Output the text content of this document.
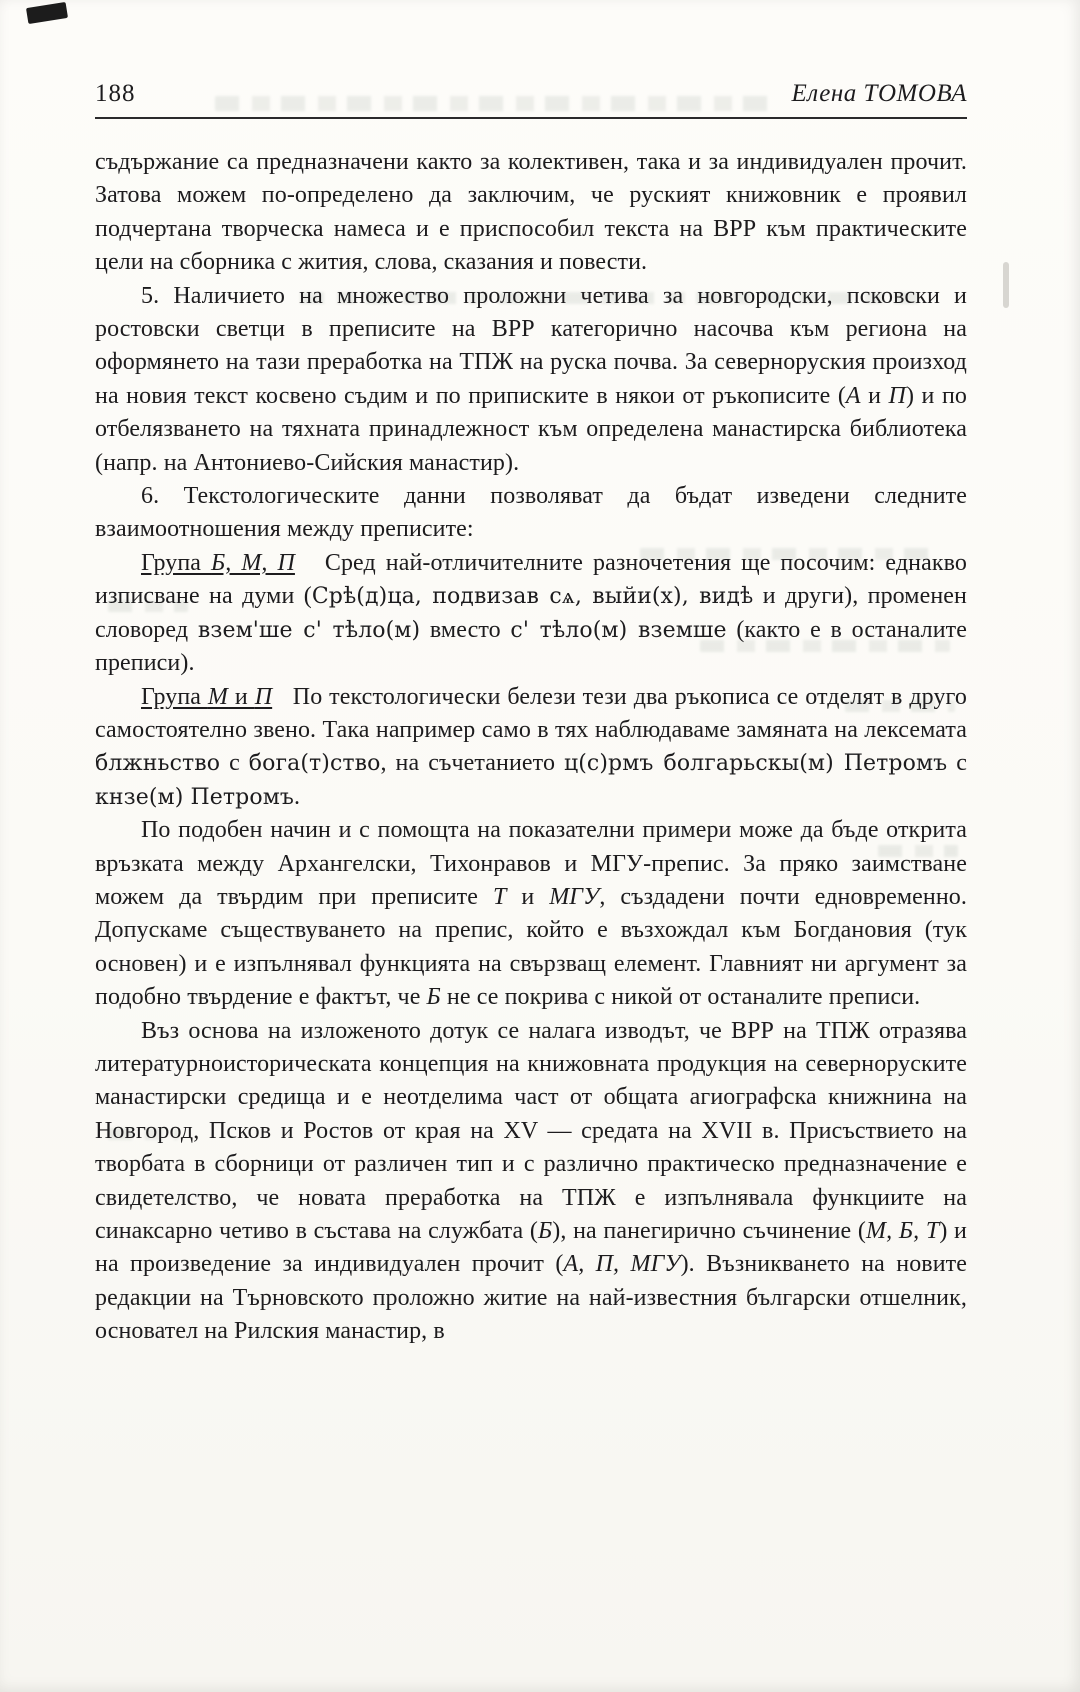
188	Елена ТОМОВА

съдържание са предназначени както за колективен, така и за индивидуален прочит. Затова можем по-определено да заключим, че руският книжовник е проявил подчертана творческа намеса и е приспособил текста на ВРР към практическите цели на сборника с жития, слова, сказания и повести.

5. Наличието на множество проложни четива за новгородски, псковски и ростовски светци в преписите на ВРР категорично насочва към региона на оформянето на тази преработка на ТПЖ на руска почва. За северноруския произход на новия текст косвено съдим и по приписките в някои от ръкописите (А и П) и по отбелязването на тяхната принадлежност към определена манастирска библиотека (напр. на Антониево-Сийския манастир).

6. Текстологическите данни позволяват да бъдат изведени следните взаимоотношения между преписите:

Група Б, М, П   Сред най-отличителните разночетения ще посочим: еднакво изписване на думи (Срѣ(д)ца, подвизав сѧ, выйи(х), видѣ и други), променен словоред взем'ше с' тѣло(м) вместо с' тѣло(м) вземше (както е в останалите преписи).

Група М и П   По текстологически белези тези два ръкописа се отделят в друго самостоятелно звено. Така например само в тях наблюдаваме замяната на лексемата блжньство с бога(т)ство, на съчетанието ц(с)рмъ болгарьскы(м) Петромъ с кнзе(м) Петромъ.

По подобен начин и с помощта на показателни примери може да бъде открита връзката между Архангелски, Тихонравов и МГУ-препис. За пряко заимстване можем да твърдим при преписите Т и МГУ, създадени почти едновременно. Допускаме съществуването на препис, който е възхождал към Богдановия (тук основен) и е изпълнявал функцията на свързващ елемент. Главният ни аргумент за подобно твърдение е фактът, че Б не се покрива с никой от останалите преписи.

Въз основа на изложеното дотук се налага изводът, че ВРР на ТПЖ отразява литературноисторическата концепция на книжовната продукция на северноруските манастирски средища и е неотделима част от общата агиографска книжнина на Новгород, Псков и Ростов от края на XV — средата на XVII в. Присъствието на творбата в сборници от различен тип и с различно практическо предназначение е свидетелство, че новата преработка на ТПЖ е изпълнявала функциите на синаксарно четиво в състава на службата (Б), на панегирично съчинение (М, Б, Т) и на произведение за индивидуален прочит (А, П, МГУ). Възникването на новите редакции на Търновското проложно житие на най-известния български отшелник, основател на Рилския манастир, в
